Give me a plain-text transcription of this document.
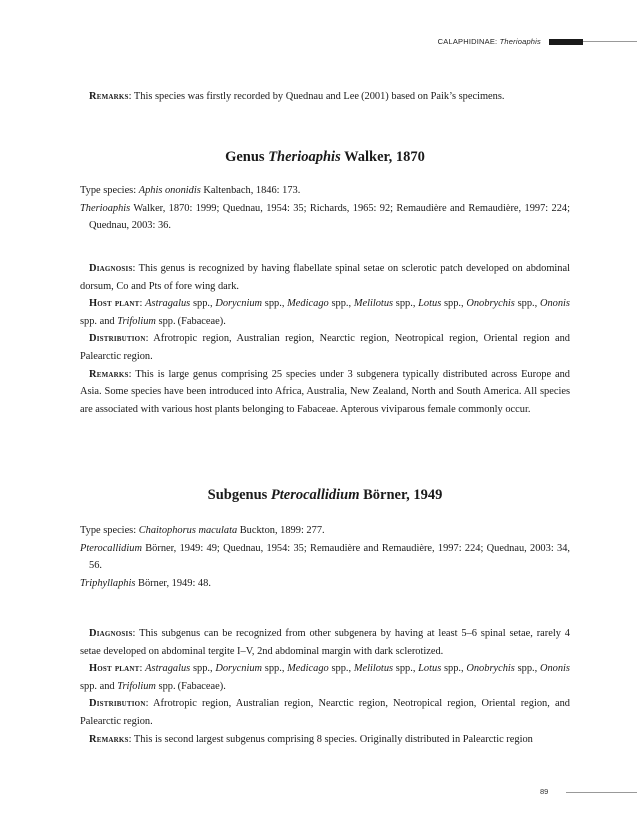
CALAPHIDINAE: Therioaphis

Remarks: This species was firstly recorded by Quednau and Lee (2001) based on Paik’s specimens.

Genus Therioaphis Walker, 1870

Type species: Aphis ononidis Kaltenbach, 1846: 173.

Therioaphis Walker, 1870: 1999; Quednau, 1954: 35; Richards, 1965: 92; Remaudière and Remaudière, 1997: 224; Quednau, 2003: 36.

Diagnosis: This genus is recognized by having flabellate spinal setae on sclerotic patch developed on abdominal dorsum, Co and Pts of fore wing dark.

Host plant: Astragalus spp., Dorycnium spp., Medicago spp., Melilotus spp., Lotus spp., Onobrychis spp., Ononis spp. and Trifolium spp. (Fabaceae).

Distribution: Afrotropic region, Australian region, Nearctic region, Neotropical region, Oriental region and Palearctic region.

Remarks: This is large genus comprising 25 species under 3 subgenera typically distributed across Europe and Asia. Some species have been introduced into Africa, Australia, New Zealand, North and South America. All species are associated with various host plants belonging to Fabaceae. Apterous viviparous female commonly occur.

Subgenus Pterocallidium Börner, 1949

Type species: Chaitophorus maculata Buckton, 1899: 277.

Pterocallidium Börner, 1949: 49; Quednau, 1954: 35; Remaudière and Remaudière, 1997: 224; Quednau, 2003: 34, 56.

Triphyllaphis Börner, 1949: 48.

Diagnosis: This subgenus can be recognized from other subgenera by having at least 5–6 spinal setae, rarely 4 setae developed on abdominal tergite I–V, 2nd abdominal margin with dark sclerotized.

Host plant: Astragalus spp., Dorycnium spp., Medicago spp., Melilotus spp., Lotus spp., Onobrychis spp., Ononis spp. and Trifolium spp. (Fabaceae).

Distribution: Afrotropic region, Australian region, Nearctic region, Neotropical region, Oriental region, and Palearctic region.

Remarks: This is second largest subgenus comprising 8 species. Originally distributed in Palearctic region

89
